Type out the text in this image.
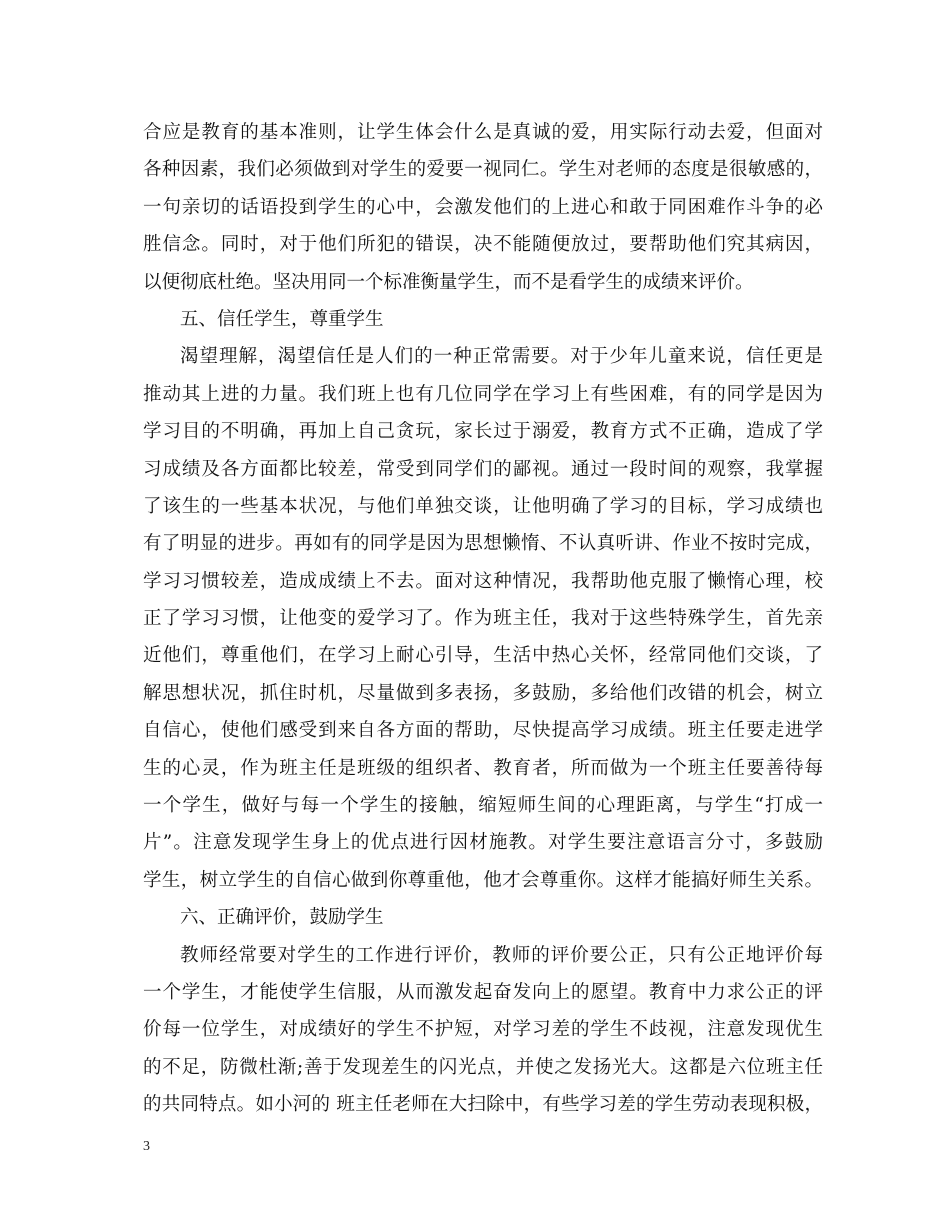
合应是教育的基本准则，让学生体会什么是真诚的爱，用实际行动去爱，但面对
各种因素，我们必须做到对学生的爱要一视同仁。学生对老师的态度是很敏感的，
一句亲切的话语投到学生的心中，会激发他们的上进心和敢于同困难作斗争的必
胜信念。同时，对于他们所犯的错误，决不能随便放过，要帮助他们究其病因，
以便彻底杜绝。坚决用同一个标准衡量学生，而不是看学生的成绩来评价。
五、信任学生，尊重学生
渴望理解，渴望信任是人们的一种正常需要。对于少年儿童来说，信任更是
推动其上进的力量。我们班上也有几位同学在学习上有些困难，有的同学是因为
学习目的不明确，再加上自己贪玩，家长过于溺爱，教育方式不正确，造成了学
习成绩及各方面都比较差，常受到同学们的鄙视。通过一段时间的观察，我掌握
了该生的一些基本状况，与他们单独交谈，让他明确了学习的目标，学习成绩也
有了明显的进步。再如有的同学是因为思想懒惰、不认真听讲、作业不按时完成，
学习习惯较差，造成成绩上不去。面对这种情况，我帮助他克服了懒惰心理，校
正了学习习惯，让他变的爱学习了。作为班主任，我对于这些特殊学生，首先亲
近他们，尊重他们，在学习上耐心引导，生活中热心关怀，经常同他们交谈，了
解思想状况，抓住时机，尽量做到多表扬，多鼓励，多给他们改错的机会，树立
自信心，使他们感受到来自各方面的帮助，尽快提高学习成绩。班主任要走进学
生的心灵，作为班主任是班级的组织者、教育者，所而做为一个班主任要善待每
一个学生，做好与每一个学生的接触，缩短师生间的心理距离，与学生“打成一
片”。注意发现学生身上的优点进行因材施教。对学生要注意语言分寸，多鼓励
学生，树立学生的自信心做到你尊重他，他才会尊重你。这样才能搞好师生关系。
六、正确评价，鼓励学生
教师经常要对学生的工作进行评价，教师的评价要公正，只有公正地评价每
一个学生，才能使学生信服，从而激发起奋发向上的愿望。教育中力求公正的评
价每一位学生，对成绩好的学生不护短，对学习差的学生不歧视，注意发现优生
的不足，防微杜渐;善于发现差生的闪光点，并使之发扬光大。这都是六位班主任
的共同特点。如小河的 班主任老师在大扫除中，有些学习差的学生劳动表现积极，
3
